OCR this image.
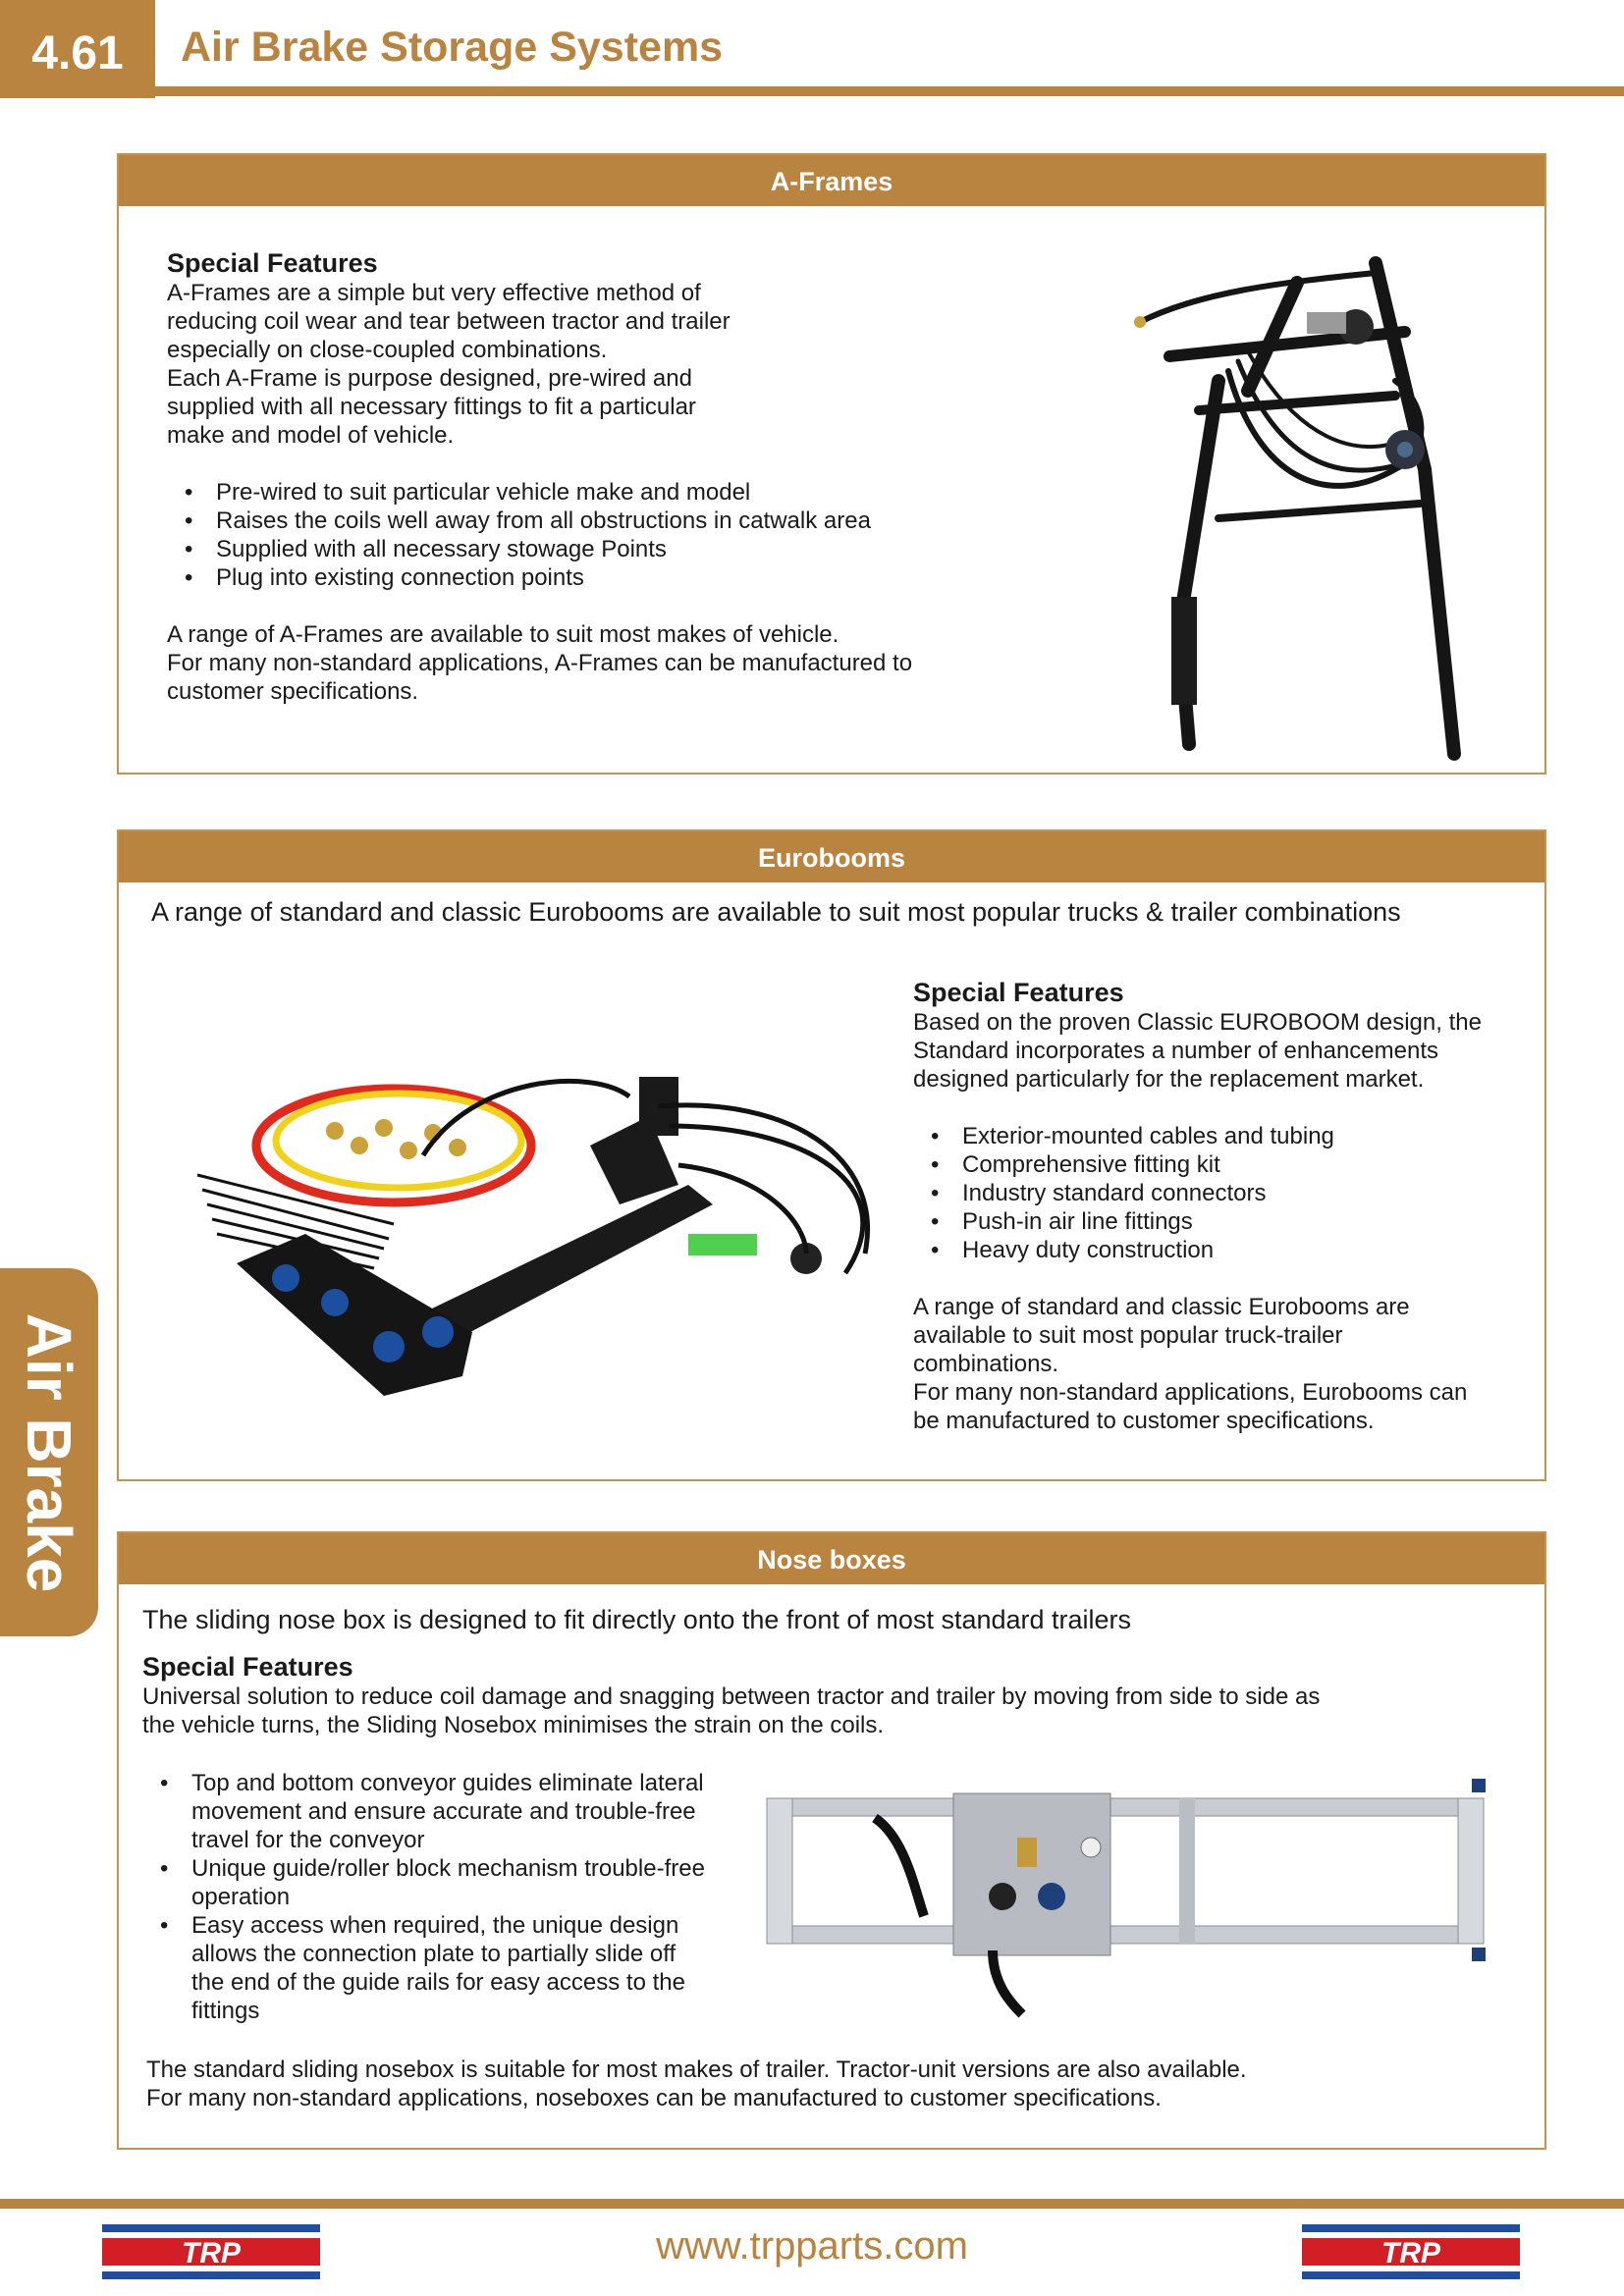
4.61	Air Brake Storage Systems
Air Brake
A-Frames

Special Features

A-Frames are a simple but very effective method of

reducing coil wear and tear between tractor and trailer

especially on close-coupled combinations.

Each A-Frame is purpose designed, pre-wired and

supplied with all necessary fittings to fit a particular

make and model of vehicle.

• Pre-wired to suit particular vehicle make and model
• Raises the coils well away from all obstructions in catwalk area
• Supplied with all necessary stowage Points
• Plug into existing connection points

A range of A-Frames are available to suit most makes of vehicle.

For many non-standard applications, A-Frames can be manufactured to

customer specifications.

Eurobooms
A range of standard and classic Eurobooms are available to suit most popular trucks & trailer combinations

Special Features

Based on the proven Classic EUROBOOM design, the

Standard incorporates a number of enhancements

designed particularly for the replacement market.

• Exterior-mounted cables and tubing
• Comprehensive fitting kit
• Industry standard connectors
• Push-in air line fittings
• Heavy duty construction

A range of standard and classic Eurobooms are

available to suit most popular truck-trailer

combinations.

For many non-standard applications, Eurobooms can

be manufactured to customer specifications.

Nose boxes
The sliding nose box is designed to fit directly onto the front of most standard trailers

Special Features

Universal solution to reduce coil damage and snagging between tractor and trailer by moving from side to side as

the vehicle turns, the Sliding Nosebox minimises the strain on the coils.

• Top and bottom conveyor guides eliminate lateral
movement and ensure accurate and trouble-free
travel for the conveyor
• Unique guide/roller block mechanism trouble-free
operation
• Easy access when required, the unique design
allows the connection plate to partially slide off
the end of the guide rails for easy access to the
fittings

The standard sliding nosebox is suitable for most makes of trailer. Tractor-unit versions are also available.

For many non-standard applications, noseboxes can be manufactured to customer specifications.

TRP	www.trpparts.com	TRP
